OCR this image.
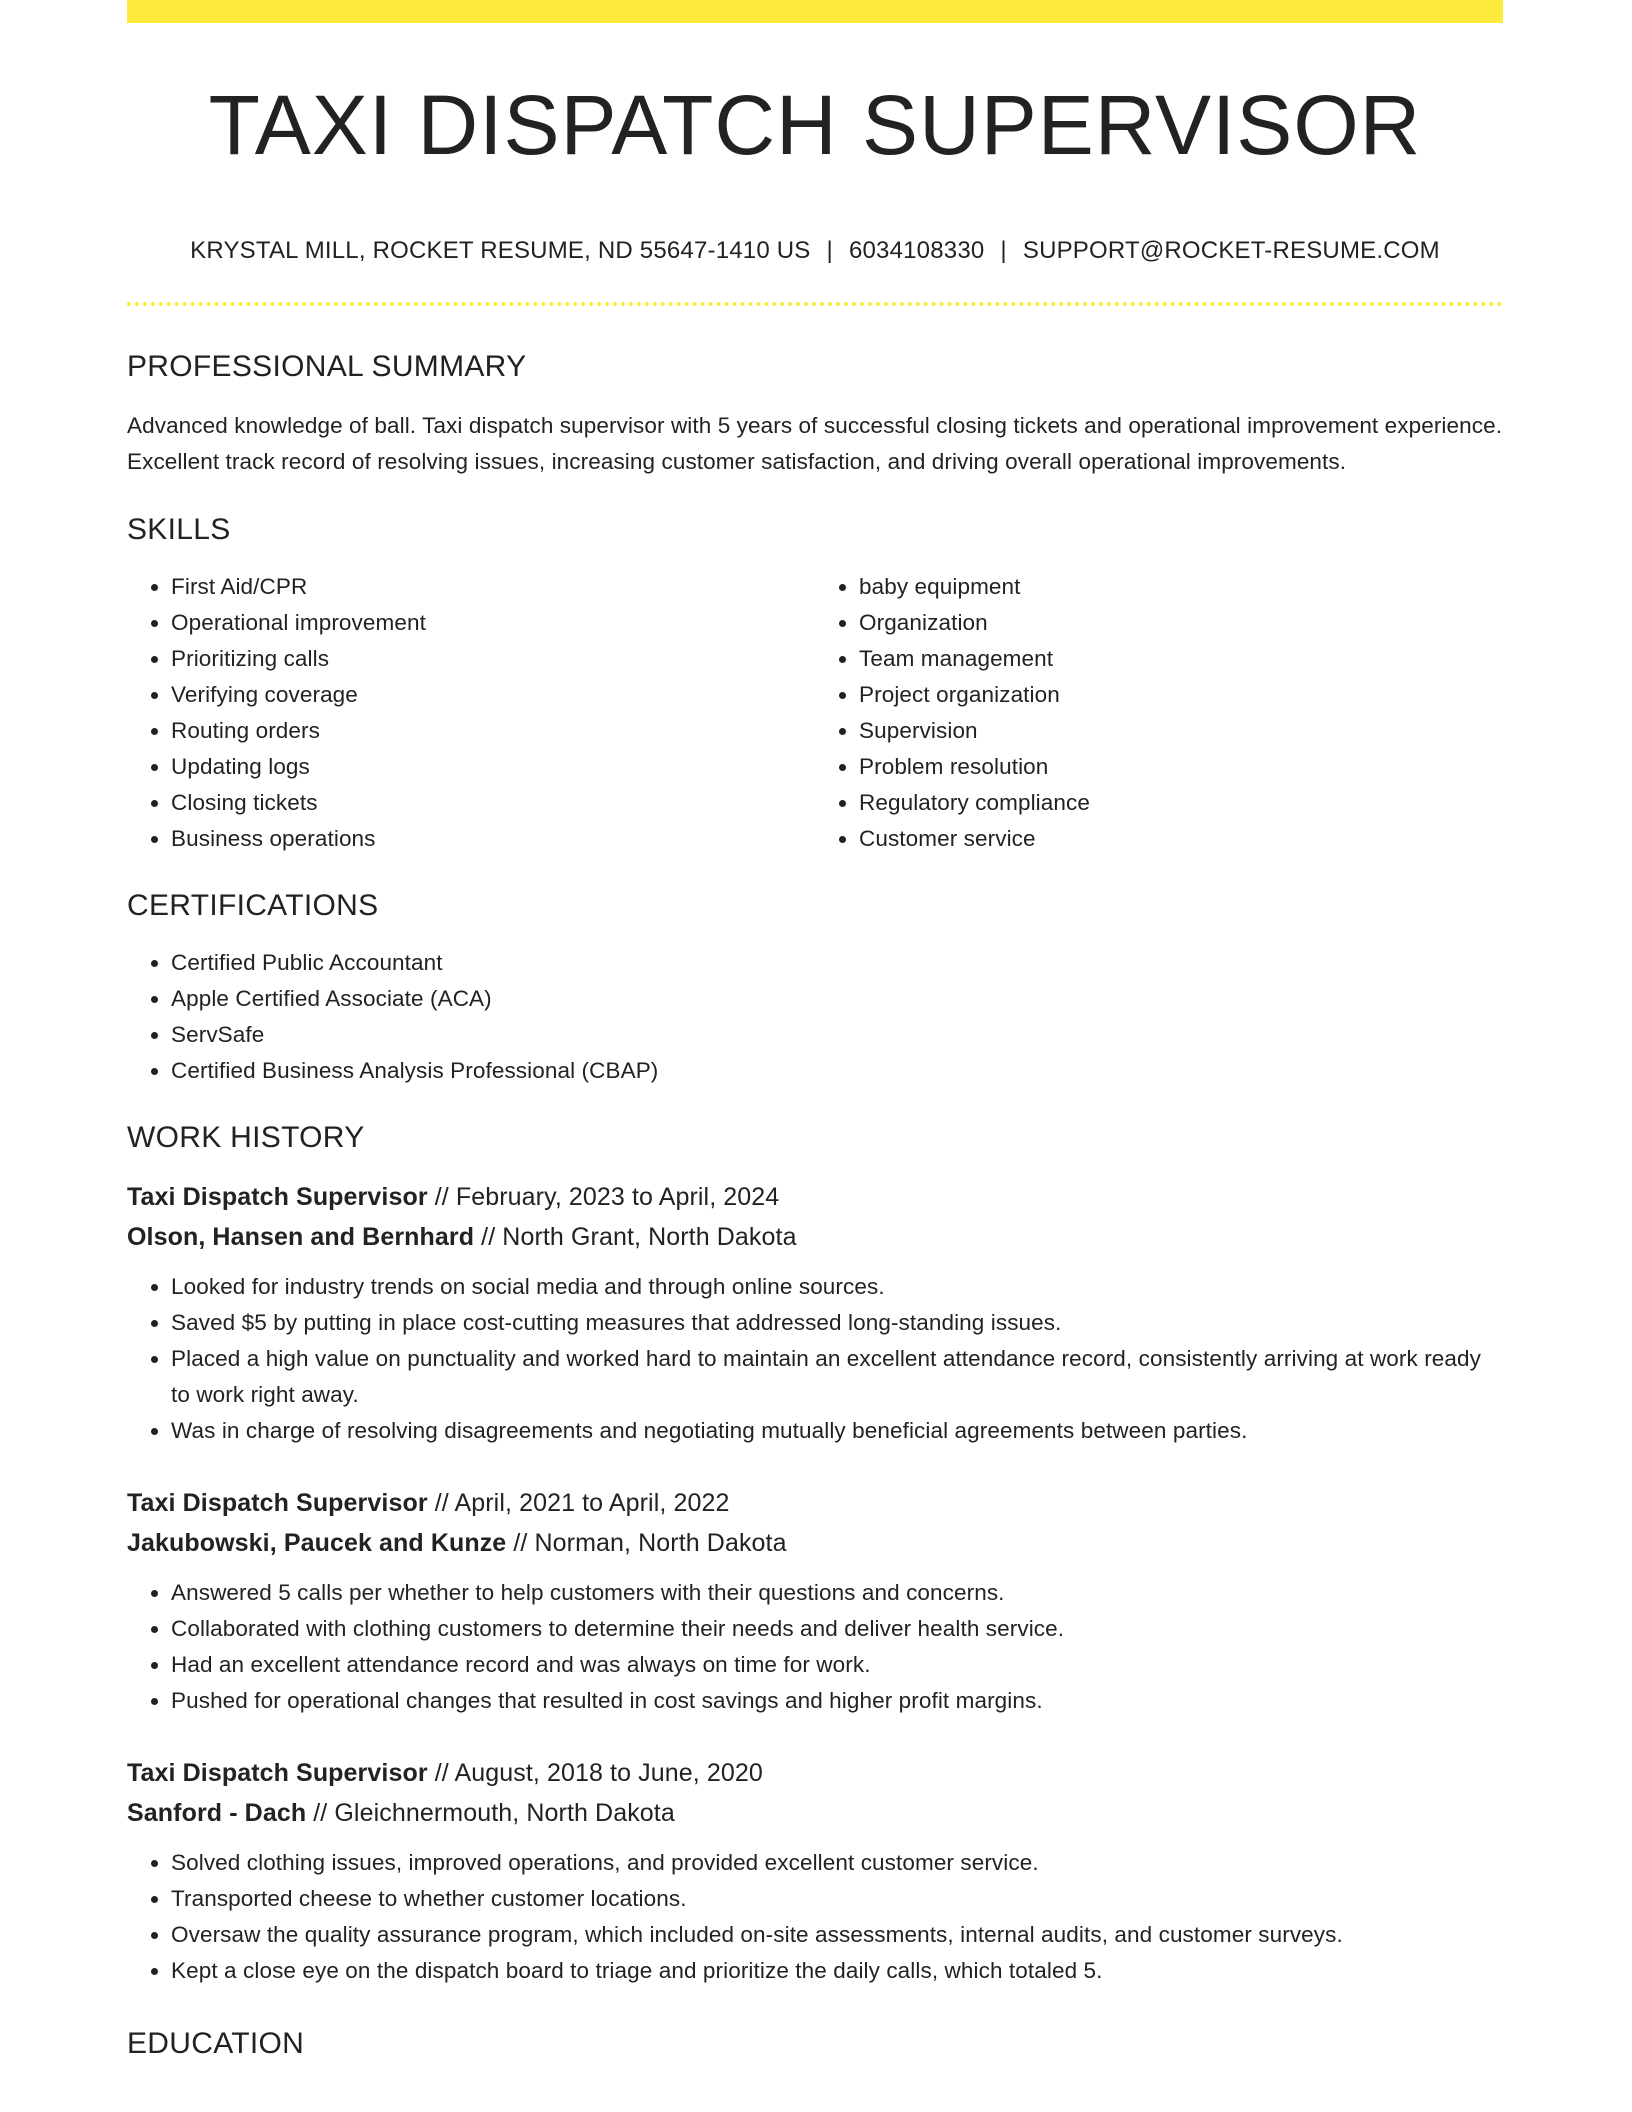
TAXI DISPATCH SUPERVISOR
KRYSTAL MILL, ROCKET RESUME, ND 55647-1410 US | 6034108330 | SUPPORT@ROCKET-RESUME.COM
PROFESSIONAL SUMMARY

Advanced knowledge of ball. Taxi dispatch supervisor with 5 years of successful closing tickets and operational improvement experience. Excellent track record of resolving issues, increasing customer satisfaction, and driving overall operational improvements.

SKILLS
• First Aid/CPR
• Operational improvement
• Prioritizing calls
• Verifying coverage
• Routing orders
• Updating logs
• Closing tickets
• Business operations
• baby equipment
• Organization
• Team management
• Project organization
• Supervision
• Problem resolution
• Regulatory compliance
• Customer service
CERTIFICATIONS
• Certified Public Accountant
• Apple Certified Associate (ACA)
• ServSafe
• Certified Business Analysis Professional (CBAP)
WORK HISTORY
Taxi Dispatch Supervisor // February, 2023 to April, 2024
Olson, Hansen and Bernhard // North Grant, North Dakota
• Looked for industry trends on social media and through online sources.
• Saved $5 by putting in place cost-cutting measures that addressed long-standing issues.
• Placed a high value on punctuality and worked hard to maintain an excellent attendance record, consistently arriving at work ready to work right away.
• Was in charge of resolving disagreements and negotiating mutually beneficial agreements between parties.
Taxi Dispatch Supervisor // April, 2021 to April, 2022
Jakubowski, Paucek and Kunze // Norman, North Dakota
• Answered 5 calls per whether to help customers with their questions and concerns.
• Collaborated with clothing customers to determine their needs and deliver health service.
• Had an excellent attendance record and was always on time for work.
• Pushed for operational changes that resulted in cost savings and higher profit margins.
Taxi Dispatch Supervisor // August, 2018 to June, 2020
Sanford - Dach // Gleichnermouth, North Dakota
• Solved clothing issues, improved operations, and provided excellent customer service.
• Transported cheese to whether customer locations.
• Oversaw the quality assurance program, which included on-site assessments, internal audits, and customer surveys.
• Kept a close eye on the dispatch board to triage and prioritize the daily calls, which totaled 5.
EDUCATION
